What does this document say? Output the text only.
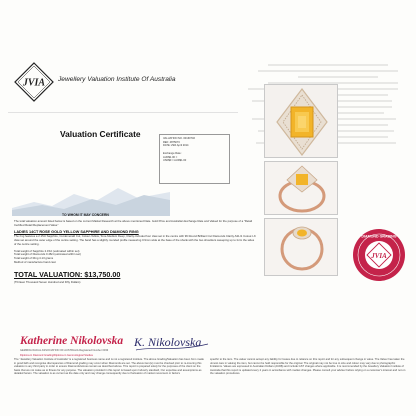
JVIA Jewellery Valuation Institute Of Australia
Valuation Certificate	VALUATION NO. 00160746
REF: 4875073
DATE: 29th April 2014

Exchange Rate:
AUD$1.00 =
USD$0 = AUD$1.00
TO WHOM IT MAY CONCERN
The total valuation amount listed below is based on the current Market Research at the above mentioned Date. Gold Price and Australian Exchange Rate and Valued for the purpose of a "Retail Certified Retail Replacement Value"
LADIES 14CT ROSE GOLD YELLOW SAPPHIRE AND DIAMOND RING
The ring features a 2.15ct Sapphire, Cut-Emerald Cut, Colour-Yellow, Tone-Medium Deep, Clarity-included four claw set in the centre with 96 Round Brilliant Cut Diamonds Clarity-SI2-I1 Colour-I-K claw set around the outer edge of the centre setting. The band has a slightly rounded profile measuring 0.9mm wide at the base of the shank with the two shoulders sweeping up to form the sides of the centre setting.
Total weight of Sapphire 2.15ct (estimated within set)
Total weight of Diamonds 0.48ct (estimated within set)
Total weight of Ring 4.13 grams
Method of manufacture hand cast
TOTAL VALUATION: $13,750.00
(Thirteen Thousand Seven Hundred and Fifty Dollars)
Katherine Nikolovska K. Nikolovska
GEMMOLOGICAL ASSOCIATION OF AUSTRALIA Registered Number 0033
Diploma in Diamond Grading/Diploma in Gemmological Studies
JVIA
DIAMOND GRADING
The "Jewellery Valuation Institute of Australia" is a registered business name and is not a registered institute. The above Grading/Valuation has been from made in good faith and recognise discrepancies of Diamond grading may occur when Diamonds are set. The above item(s) must be checked prior to re-insuring this valuation is any third party in order to ensure Diamonds/stones remain as described above. This report is prepared solely for the purposes of the client on the basis that we not make as to fitness for any purpose. The valuation provided in this report is based upon Industry standard, Our expertise and assumptions as detailed herein. The valuation is as current as the date only and may change consequently due to fluctuation of market movement or factors
specific to the item. The valuer cannot accept any liability for losses due to reliance on this report and for any subsequent change in value. The Valuer has taken the utmost care in valuing the item, but cannot be held responsible for the original. The original may not be true to size and colour may vary due to photographic limitations. Values are expressed in Australian Dollars (AUD$) and include GST charges where applicable. It is recommended by the Jewellery Valuation Institute of Australia that this report is updated every 2 years in accordance with market changes. Please consult your adviser before relying on a customer's interest and not on the valuation procedures.
